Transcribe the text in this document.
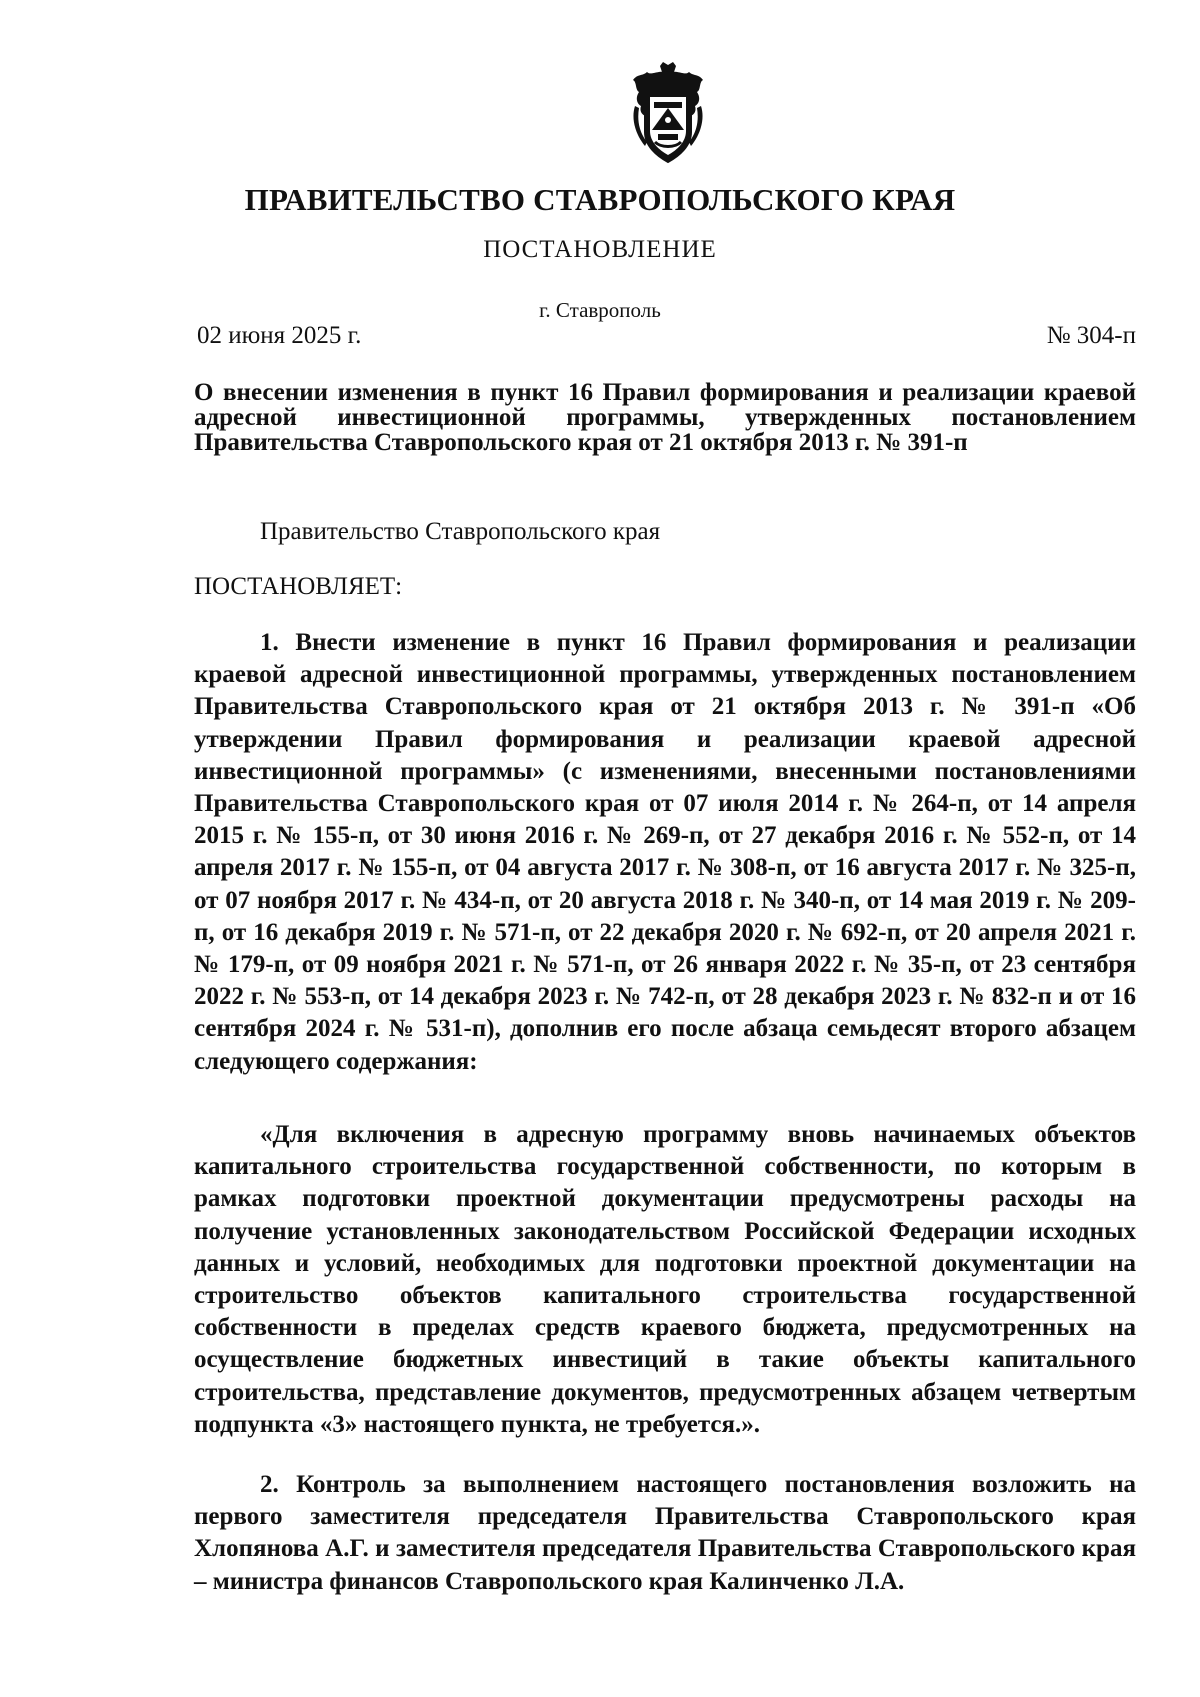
ПРАВИТЕЛЬСТВО СТАВРОПОЛЬСКОГО КРАЯ
ПОСТАНОВЛЕНИЕ
г. Ставрополь
02 июня 2025 г.	№ 304-п
О внесении изменения в пункт 16 Правил формирования и реализации краевой адресной инвестиционной программы, утвержденных постановлением Правительства Ставропольского края от 21 октября 2013 г. № 391-п

Правительство Ставропольского края

ПОСТАНОВЛЯЕТ:

1. Внести изменение в пункт 16 Правил формирования и реализации краевой адресной инвестиционной программы, утвержденных постановлением Правительства Ставропольского края от 21 октября 2013 г. № 391-п «Об утверждении Правил формирования и реализации краевой адресной инвестиционной программы» (с изменениями, внесенными постановлениями Правительства Ставропольского края от 07 июля 2014 г. № 264-п, от 14 апреля 2015 г. № 155-п, от 30 июня 2016 г. № 269-п, от 27 декабря 2016 г. № 552-п, от 14 апреля 2017 г. № 155-п, от 04 августа 2017 г. № 308-п, от 16 августа 2017 г. № 325-п, от 07 ноября 2017 г. № 434-п, от 20 августа 2018 г. № 340-п, от 14 мая 2019 г. № 209-п, от 16 декабря 2019 г. № 571-п, от 22 декабря 2020 г. № 692-п, от 20 апреля 2021 г. № 179-п, от 09 ноября 2021 г. № 571-п, от 26 января 2022 г. № 35-п, от 23 сентября 2022 г. № 553-п, от 14 декабря 2023 г. № 742-п, от 28 декабря 2023 г. № 832-п и от 16 сентября 2024 г. № 531-п), дополнив его после абзаца семьдесят второго абзацем следующего содержания:

«Для включения в адресную программу вновь начинаемых объектов капитального строительства государственной собственности, по которым в рамках подготовки проектной документации предусмотрены расходы на получение установленных законодательством Российской Федерации исходных данных и условий, необходимых для подготовки проектной документации на строительство объектов капитального строительства государственной собственности в пределах средств краевого бюджета, предусмотренных на осуществление бюджетных инвестиций в такие объекты капитального строительства, представление документов, предусмотренных абзацем четвертым подпункта «3» настоящего пункта, не требуется.».

2. Контроль за выполнением настоящего постановления возложить на первого заместителя председателя Правительства Ставропольского края Хлопянова А.Г. и заместителя председателя Правительства Ставропольского края – министра финансов Ставропольского края Калинченко Л.А.
